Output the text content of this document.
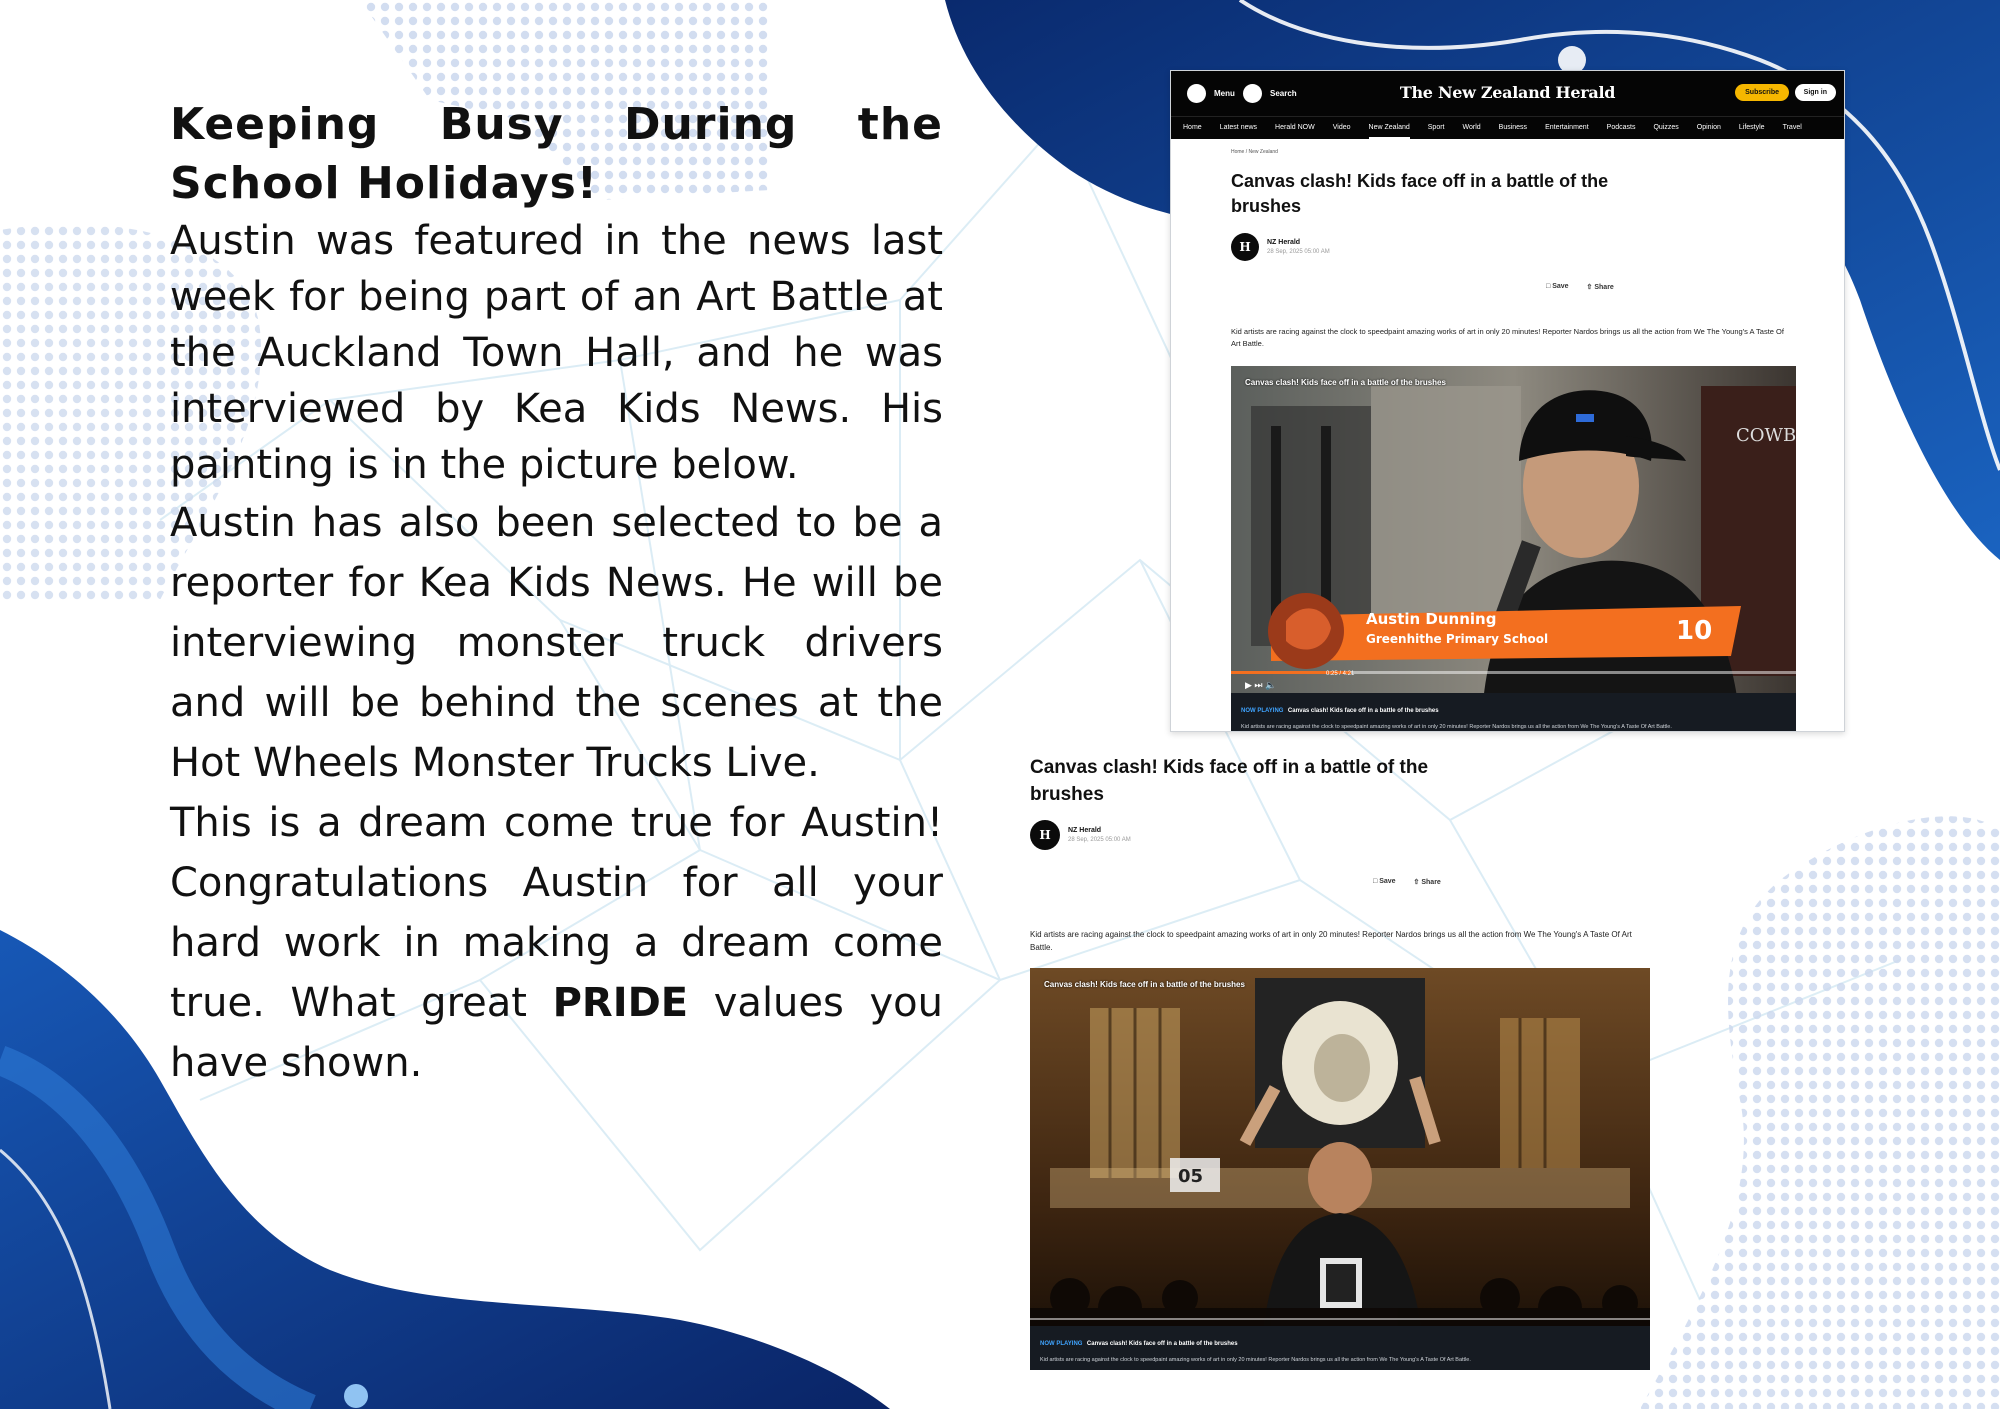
Keeping Busy During the School Holidays!

Austin was featured in the news last week for being part of an Art Battle at the Auckland Town Hall, and he was interviewed by Kea Kids News. His painting is in the picture below.

Austin has also been selected to be a reporter for Kea Kids News. He will be interviewing monster truck drivers and will be behind the scenes at the Hot Wheels Monster Trucks Live.

This is a dream come true for Austin! Congratulations Austin for all your hard work in making a dream come true. What great PRIDE values you have shown.

Menu	Search	The New Zealand Herald	Subscribe	Sign in
Home	Latest news	Herald NOW	Video	New Zealand	Sport	World	Business	Entertainment	Podcasts	Quizzes	Opinion	Lifestyle	Travel
Home / New Zealand
Canvas clash! Kids face off in a battle of the brushes
H	NZ Herald
28 Sep, 2025 05:00 AM
□ Save	⇧ Share
Kid artists are racing against the clock to speedpaint amazing works of art in only 20 minutes! Reporter Nardos brings us all the action from We The Young's A Taste Of Art Battle.
COWB
▶ ⏭ 🔈
Canvas clash! Kids face off in a battle of the brushes
Austin Dunning
Greenhithe Primary School	10
0:25 / 4:21
NOW PLAYING Canvas clash! Kids face off in a battle of the brushes
Kid artists are racing against the clock to speedpaint amazing works of art in only 20 minutes! Reporter Nardos brings us all the action from We The Young's A Taste Of Art Battle.
Canvas clash! Kids face off in a battle of the brushes
H	NZ Herald
28 Sep, 2025 05:00 AM
□ Save	⇧ Share
Kid artists are racing against the clock to speedpaint amazing works of art in only 20 minutes! Reporter Nardos brings us all the action from We The Young's A Taste Of Art Battle.
05
Canvas clash! Kids face off in a battle of the brushes
NOW PLAYING Canvas clash! Kids face off in a battle of the brushes
Kid artists are racing against the clock to speedpaint amazing works of art in only 20 minutes! Reporter Nardos brings us all the action from We The Young's A Taste Of Art Battle.
